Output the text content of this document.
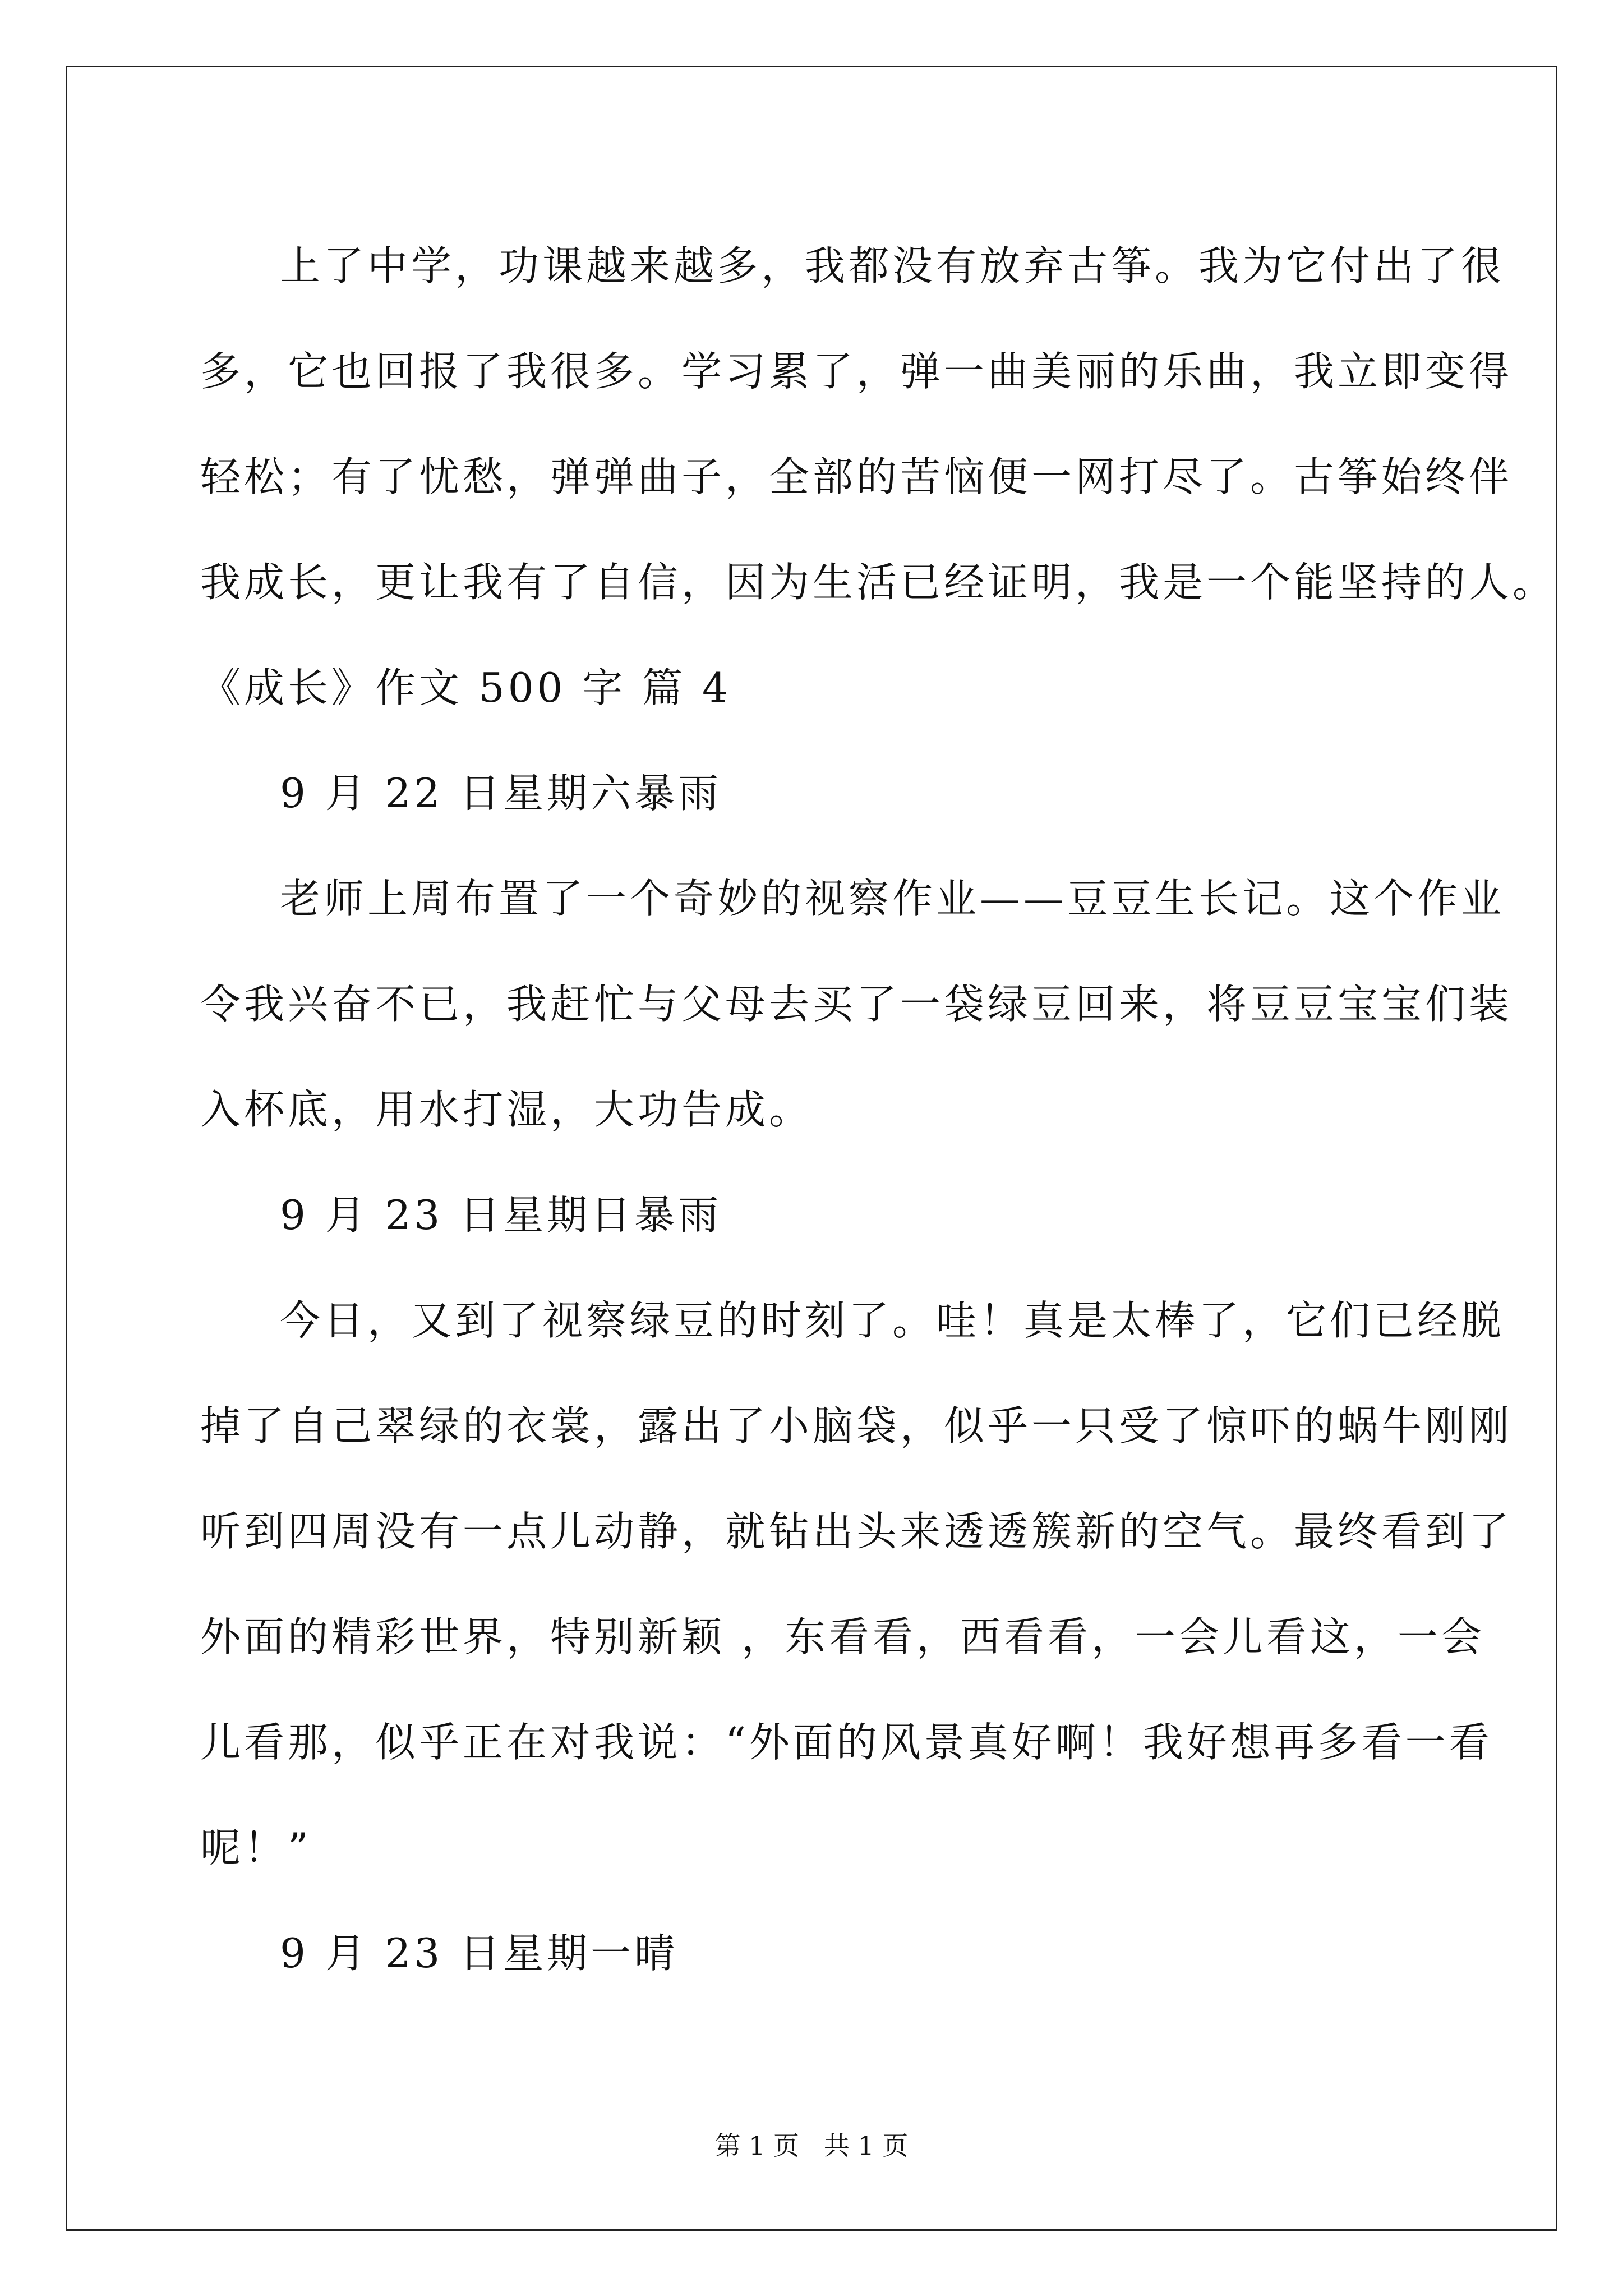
上了中学，功课越来越多，我都没有放弃古筝。我为它付出了很
多，它也回报了我很多。学习累了，弹一曲美丽的乐曲，我立即变得
轻松；有了忧愁，弹弹曲子，全部的苦恼便一网打尽了。古筝始终伴
我成长，更让我有了自信，因为生活已经证明，我是一个能坚持的人。
《成长》作文 500 字 篇 4
9 月 22 日星期六暴雨
老师上周布置了一个奇妙的视察作业——豆豆生长记。这个作业
令我兴奋不已，我赶忙与父母去买了一袋绿豆回来，将豆豆宝宝们装
入杯底，用水打湿，大功告成。
9 月 23 日星期日暴雨
今日，又到了视察绿豆的时刻了。哇！真是太棒了，它们已经脱
掉了自己翠绿的衣裳，露出了小脑袋，似乎一只受了惊吓的蜗牛刚刚
听到四周没有一点儿动静，就钻出头来透透簇新的空气。最终看到了
外面的精彩世界，特别新颖 ，东看看，西看看，一会儿看这，一会
儿看那，似乎正在对我说：“外面的风景真好啊！我好想再多看一看
呢！”
9 月 23 日星期一晴
第 1 页   共 1 页
